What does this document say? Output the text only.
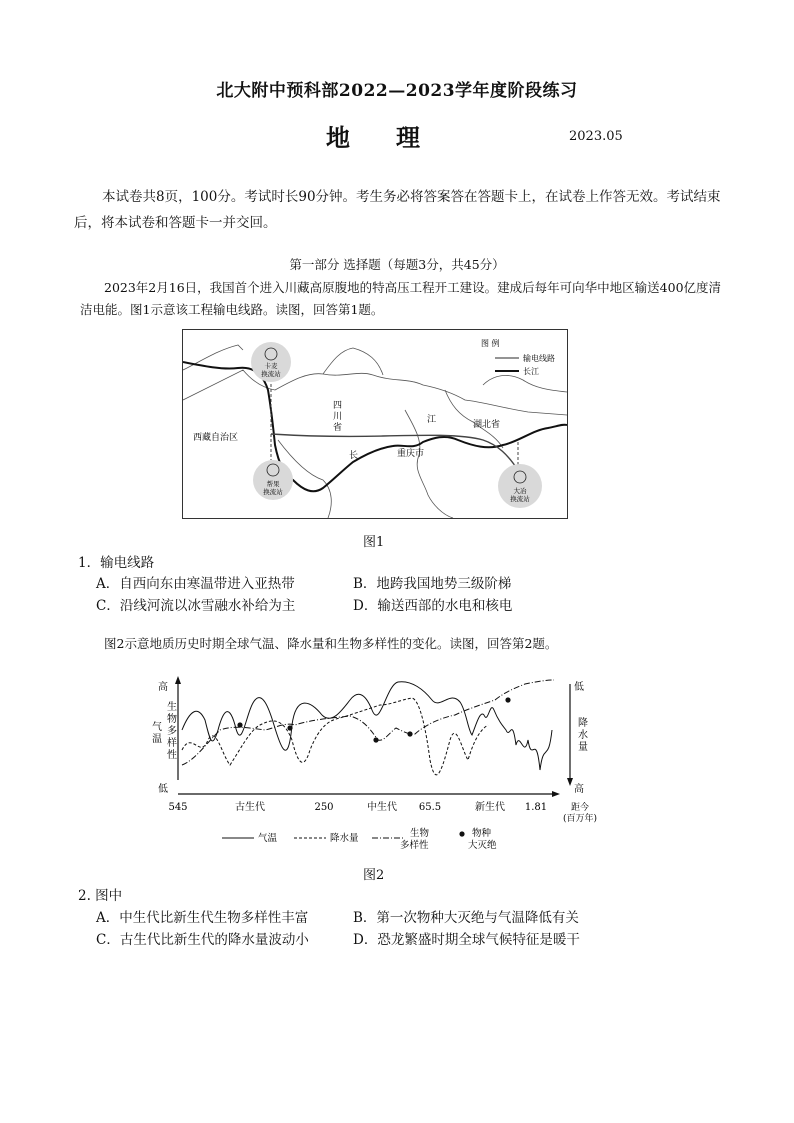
北大附中预科部2022—2023学年度阶段练习
地理	2023.05
本试卷共8页，100分。考试时长90分钟。考生务必将答案答在答题卡上，在试卷上作答无效。考试结束后，将本试卷和答题卡一并交回。
第一部分 选择题（每题3分，共45分）
2023年2月16日，我国首个进入川藏高原腹地的特高压工程开工建设。建成后每年可向华中地区输送400亿度清洁电能。图1示意该工程输电线路。读图，回答第1题。
卡麦换流站
帮果换流站	大冶换流站
西藏自治区
四川省	湖北省
重庆市
江
长
图 例
输电线路
长江
图1
1．输电线路
A．自西向东由寒温带进入亚热带	B．地跨我国地势三级阶梯
C．沿线河流以冰雪融水补给为主	D．输送西部的水电和核电
图2示意地质历史时期全球气温、降水量和生物多样性的变化。读图，回答第2题。
高
低
气温
生物多样性
低
高
降水量
545	古生代	250	中生代 65.5	新生代 1.81	距今(百万年)
气温	降水量	生物多样性
物种大灭绝
图2
2. 图中
A．中生代比新生代生物多样性丰富	B．第一次物种大灭绝与气温降低有关
C．古生代比新生代的降水量波动小	D．恐龙繁盛时期全球气候特征是暖干
